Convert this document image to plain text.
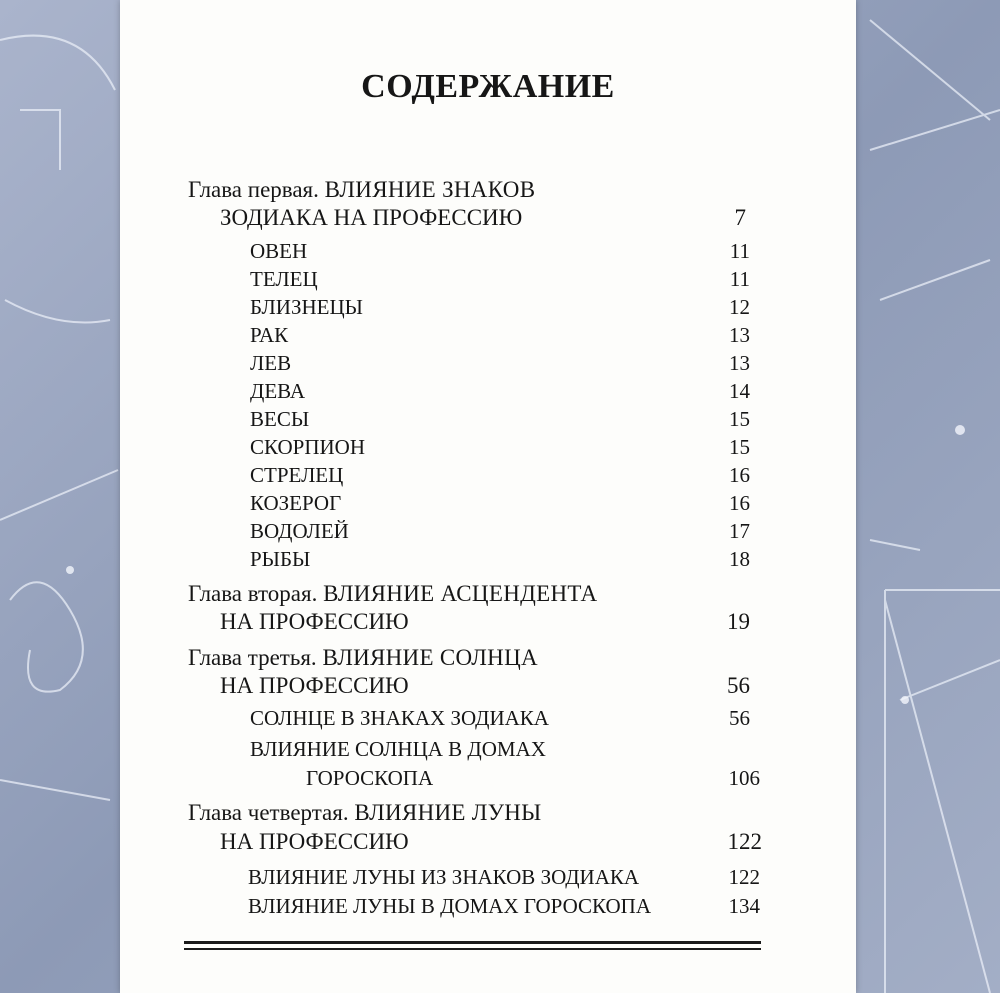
СОДЕРЖАНИЕ
Глава первая. ВЛИЯНИЕ ЗНАКОВ
ЗОДИАКА НА ПРОФЕССИЮ	7
ОВЕН	11
ТЕЛЕЦ	11
БЛИЗНЕЦЫ	12
РАК	13
ЛЕВ	13
ДЕВА	14
ВЕСЫ	15
СКОРПИОН	15
СТРЕЛЕЦ	16
КОЗЕРОГ	16
ВОДОЛЕЙ	17
РЫБЫ	18
Глава вторая. ВЛИЯНИЕ АСЦЕНДЕНТА
НА ПРОФЕССИЮ	19
Глава третья. ВЛИЯНИЕ СОЛНЦА
НА ПРОФЕССИЮ	56
СОЛНЦЕ В ЗНАКАХ ЗОДИАКА	56
ВЛИЯНИЕ СОЛНЦА В ДОМАХ
ГОРОСКОПА	106
Глава четвертая. ВЛИЯНИЕ ЛУНЫ
НА ПРОФЕССИЮ	122
ВЛИЯНИЕ ЛУНЫ ИЗ ЗНАКОВ ЗОДИАКА	122
ВЛИЯНИЕ ЛУНЫ В ДОМАХ ГОРОСКОПА	134
